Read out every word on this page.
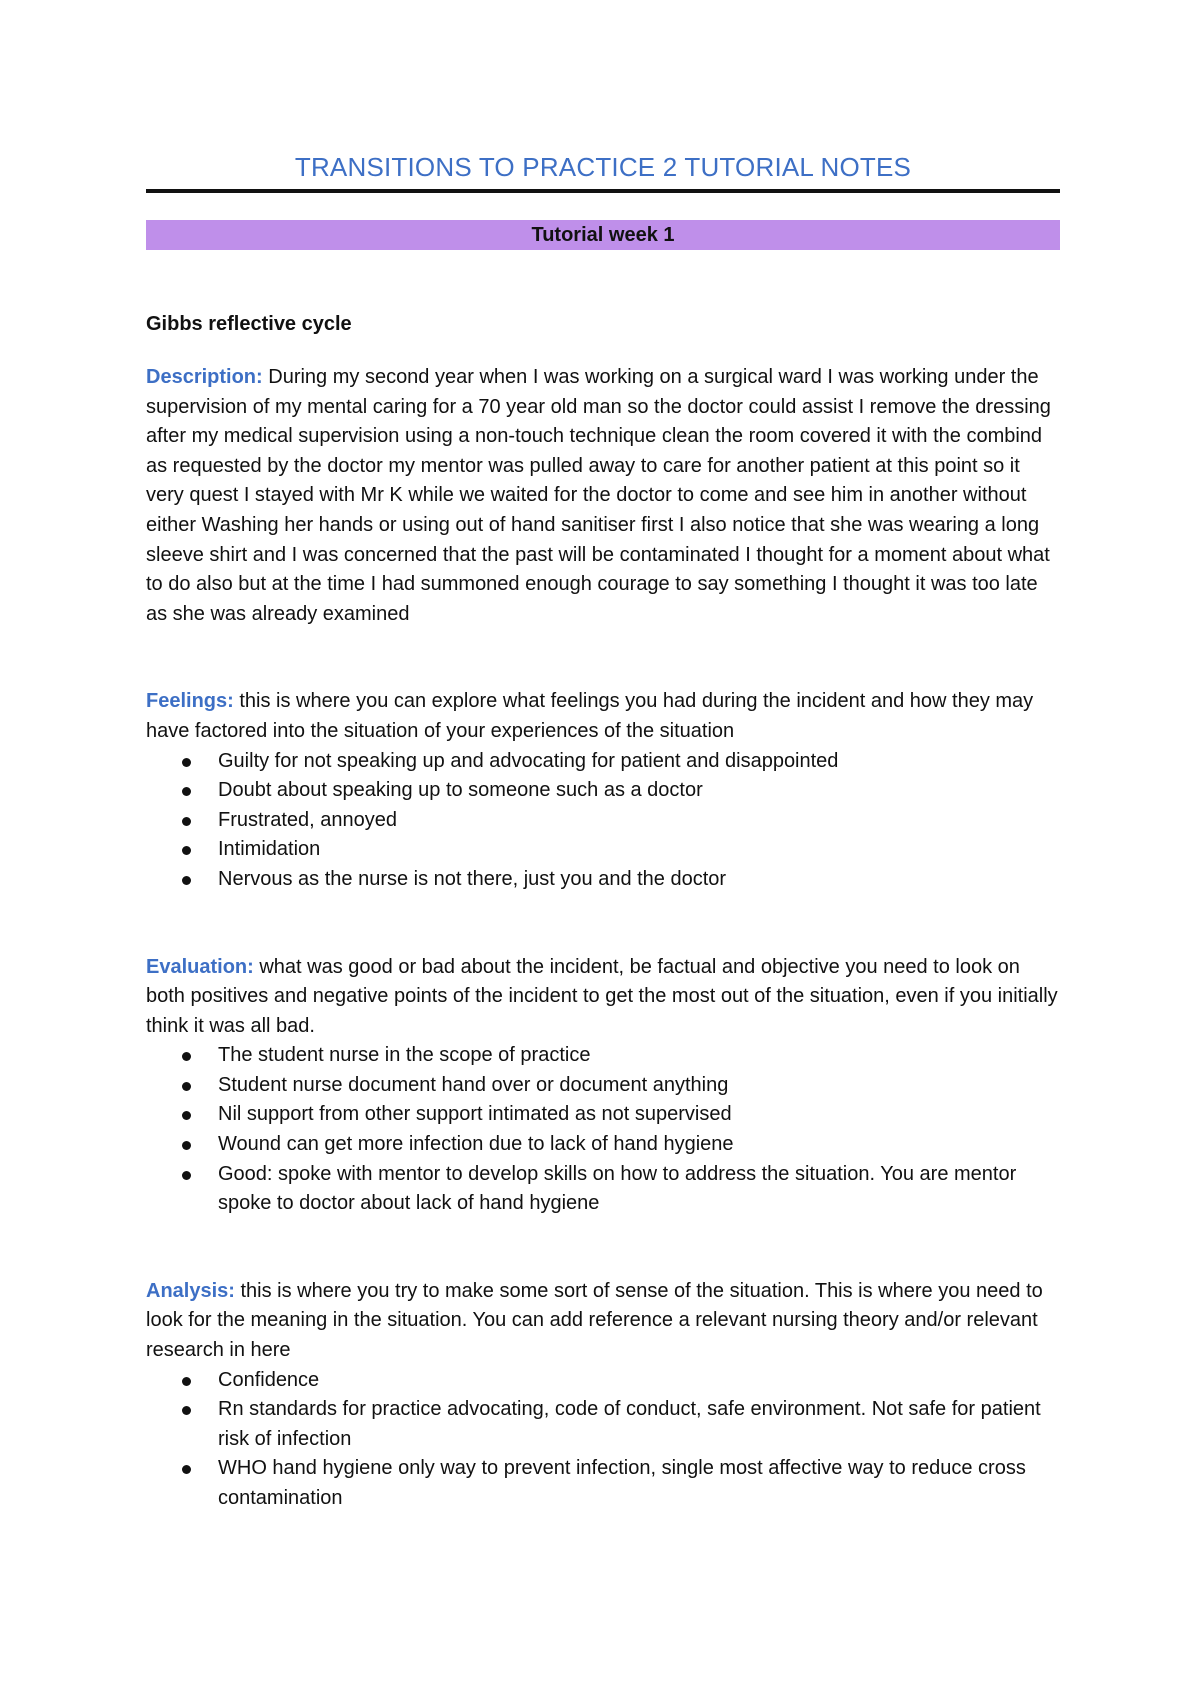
TRANSITIONS TO PRACTICE 2 TUTORIAL NOTES
Tutorial week 1
Gibbs reflective cycle

Description: During my second year when I was working on a surgical ward I was working under the supervision of my mental caring for a 70 year old man so the doctor could assist I remove the dressing after my medical supervision using a non-touch technique clean the room covered it with the combind as requested by the doctor my mentor was pulled away to care for another patient at this point so it very quest I stayed with Mr K while we waited for the doctor to come and see him in another without either Washing her hands or using out of hand sanitiser first I also notice that she was wearing a long sleeve shirt and I was concerned that the past will be contaminated I thought for a moment about what to do also but at the time I had summoned enough courage to say something I thought it was too late as she was already examined

Feelings: this is where you can explore what feelings you had during the incident and how they may have factored into the situation of your experiences of the situation

Guilty for not speaking up and advocating for patient and disappointed
Doubt about speaking up to someone such as a doctor
Frustrated, annoyed
Intimidation
Nervous as the nurse is not there, just you and the doctor

Evaluation: what was good or bad about the incident, be factual and objective you need to look on both positives and negative points of the incident to get the most out of the situation, even if you initially think it was all bad.

The student nurse in the scope of practice
Student nurse document hand over or document anything
Nil support from other support intimated as not supervised
Wound can get more infection due to lack of hand hygiene
Good: spoke with mentor to develop skills on how to address the situation. You are mentor spoke to doctor about lack of hand hygiene

Analysis: this is where you try to make some sort of sense of the situation. This is where you need to look for the meaning in the situation. You can add reference a relevant nursing theory and/or relevant research in here

Confidence
Rn standards for practice advocating, code of conduct, safe environment. Not safe for patient risk of infection
WHO hand hygiene only way to prevent infection, single most affective way to reduce cross contamination
